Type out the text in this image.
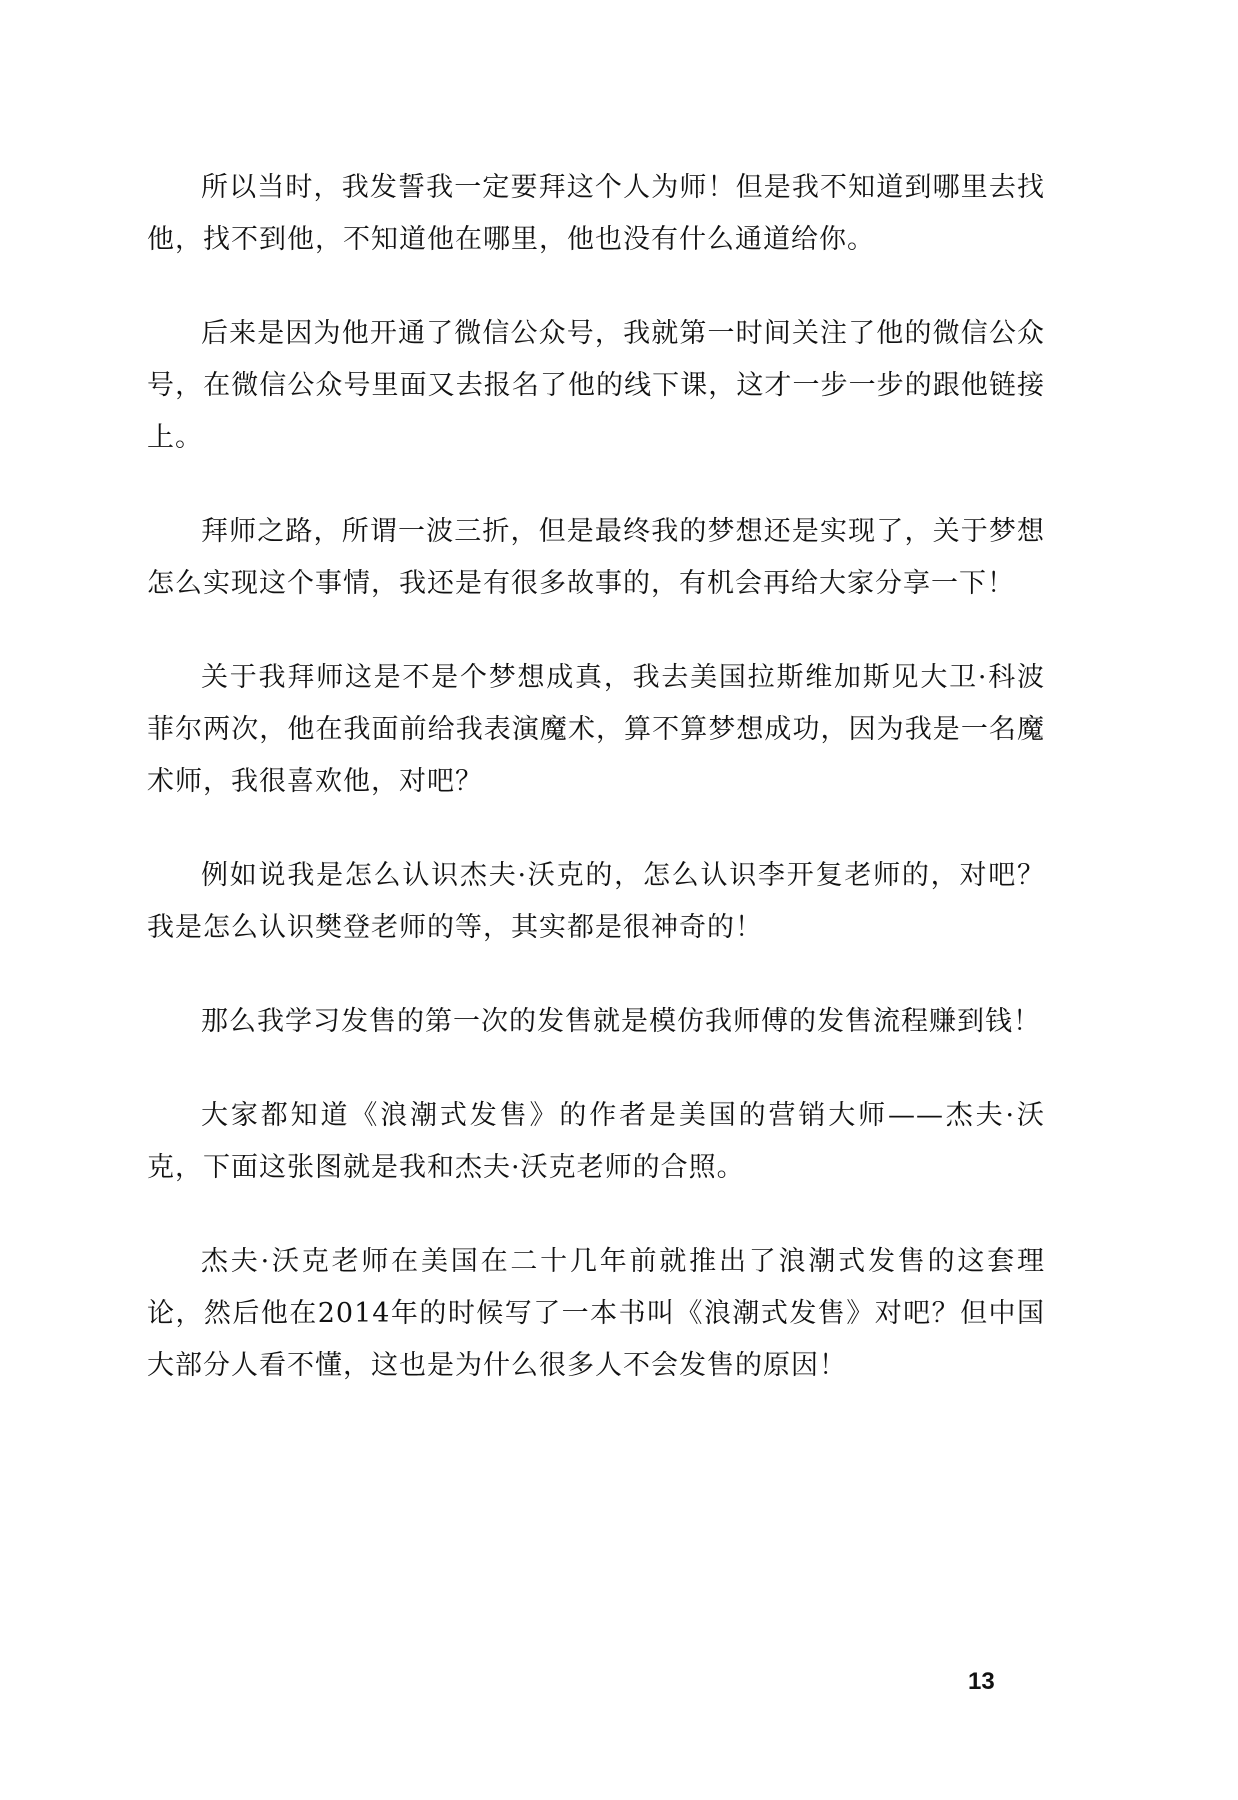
所以当时，我发誓我一定要拜这个人为师！但是我不知道到哪里去找他，找不到他，不知道他在哪里，他也没有什么通道给你。

后来是因为他开通了微信公众号，我就第一时间关注了他的微信公众号，在微信公众号里面又去报名了他的线下课，这才一步一步的跟他链接上。

拜师之路，所谓一波三折，但是最终我的梦想还是实现了，关于梦想怎么实现这个事情，我还是有很多故事的，有机会再给大家分享一下！

关于我拜师这是不是个梦想成真，我去美国拉斯维加斯见大卫·科波菲尔两次，他在我面前给我表演魔术，算不算梦想成功，因为我是一名魔术师，我很喜欢他，对吧？

例如说我是怎么认识杰夫·沃克的，怎么认识李开复老师的，对吧？我是怎么认识樊登老师的等，其实都是很神奇的！

那么我学习发售的第一次的发售就是模仿我师傅的发售流程赚到钱！

大家都知道《浪潮式发售》的作者是美国的营销大师——杰夫·沃克，下面这张图就是我和杰夫·沃克老师的合照。

杰夫·沃克老师在美国在二十几年前就推出了浪潮式发售的这套理论，然后他在2014年的时候写了一本书叫《浪潮式发售》对吧？但中国大部分人看不懂，这也是为什么很多人不会发售的原因！

13
